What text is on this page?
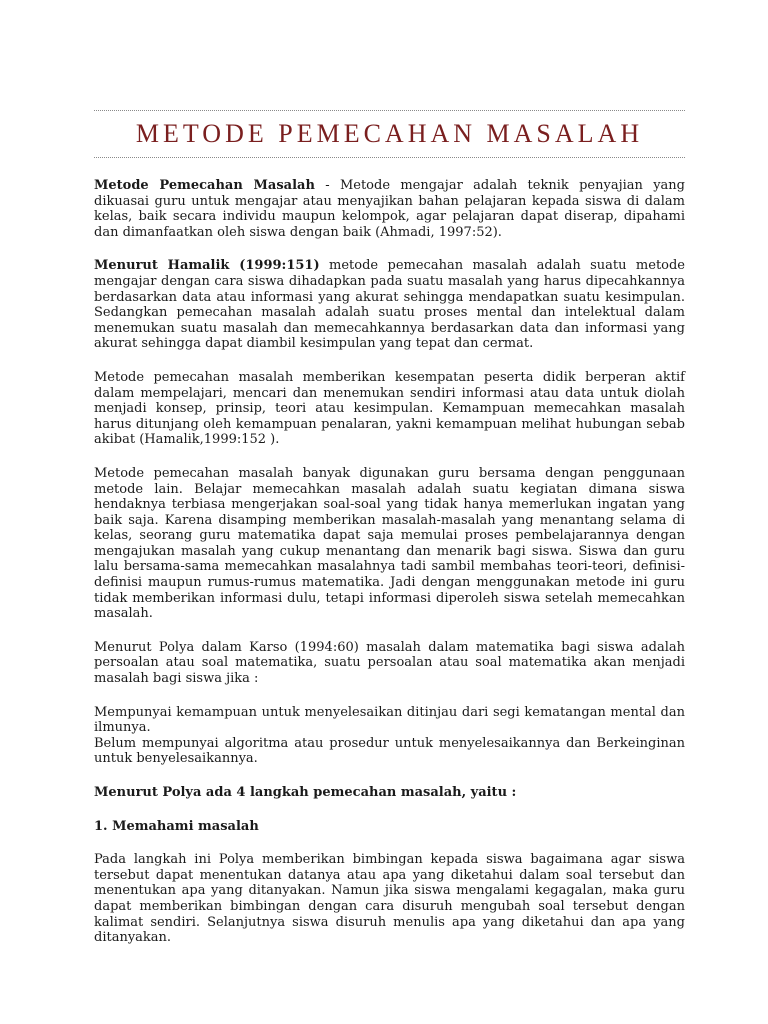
METODE PEMECAHAN MASALAH

Metode Pemecahan Masalah - Metode mengajar adalah teknik penyajian yang dikuasai guru untuk mengajar atau menyajikan bahan pelajaran kepada siswa di dalam kelas, baik secara individu maupun kelompok, agar pelajaran dapat diserap, dipahami dan dimanfaatkan oleh siswa dengan baik (Ahmadi, 1997:52).

Menurut Hamalik (1999:151) metode pemecahan masalah adalah suatu metode mengajar dengan cara siswa dihadapkan pada suatu masalah yang harus dipecahkannya berdasarkan data atau informasi yang akurat sehingga mendapatkan suatu kesimpulan. Sedangkan pemecahan masalah adalah suatu proses mental dan intelektual dalam menemukan suatu masalah dan memecahkannya berdasarkan data dan informasi yang akurat sehingga dapat diambil kesimpulan yang tepat dan cermat.

Metode pemecahan masalah memberikan kesempatan peserta didik berperan aktif dalam mempelajari, mencari dan menemukan sendiri informasi atau data untuk diolah menjadi konsep, prinsip, teori atau kesimpulan. Kemampuan memecahkan masalah harus ditunjang oleh kemampuan penalaran, yakni kemampuan melihat hubungan sebab akibat (Hamalik,1999:152 ).

Metode pemecahan masalah banyak digunakan guru bersama dengan penggunaan metode lain. Belajar memecahkan masalah adalah suatu kegiatan dimana siswa hendaknya terbiasa mengerjakan soal-soal yang tidak hanya memerlukan ingatan yang baik saja. Karena disamping memberikan masalah-masalah yang menantang selama di kelas, seorang guru matematika dapat saja memulai proses pembelajarannya dengan mengajukan masalah yang cukup menantang dan menarik bagi siswa. Siswa dan guru lalu bersama-sama memecahkan masalahnya tadi sambil membahas teori-teori, definisi-definisi maupun rumus-rumus matematika. Jadi dengan menggunakan metode ini guru tidak memberikan informasi dulu, tetapi informasi diperoleh siswa setelah memecahkan masalah.

Menurut Polya dalam Karso (1994:60) masalah dalam matematika bagi siswa adalah persoalan atau soal matematika, suatu persoalan atau soal matematika akan menjadi masalah bagi siswa jika :

Mempunyai kemampuan untuk menyelesaikan ditinjau dari segi kematangan mental dan ilmunya.

Belum mempunyai algoritma atau prosedur untuk menyelesaikannya dan Berkeinginan untuk benyelesaikannya.

Menurut Polya ada 4 langkah pemecahan masalah, yaitu :
1. Memahami masalah

Pada langkah ini Polya memberikan bimbingan kepada siswa bagaimana agar siswa tersebut dapat menentukan datanya atau apa yang diketahui dalam soal tersebut dan menentukan apa yang ditanyakan. Namun jika siswa mengalami kegagalan, maka guru dapat memberikan bimbingan dengan cara disuruh mengubah soal tersebut dengan kalimat sendiri. Selanjutnya siswa disuruh menulis apa yang diketahui dan apa yang ditanyakan.
